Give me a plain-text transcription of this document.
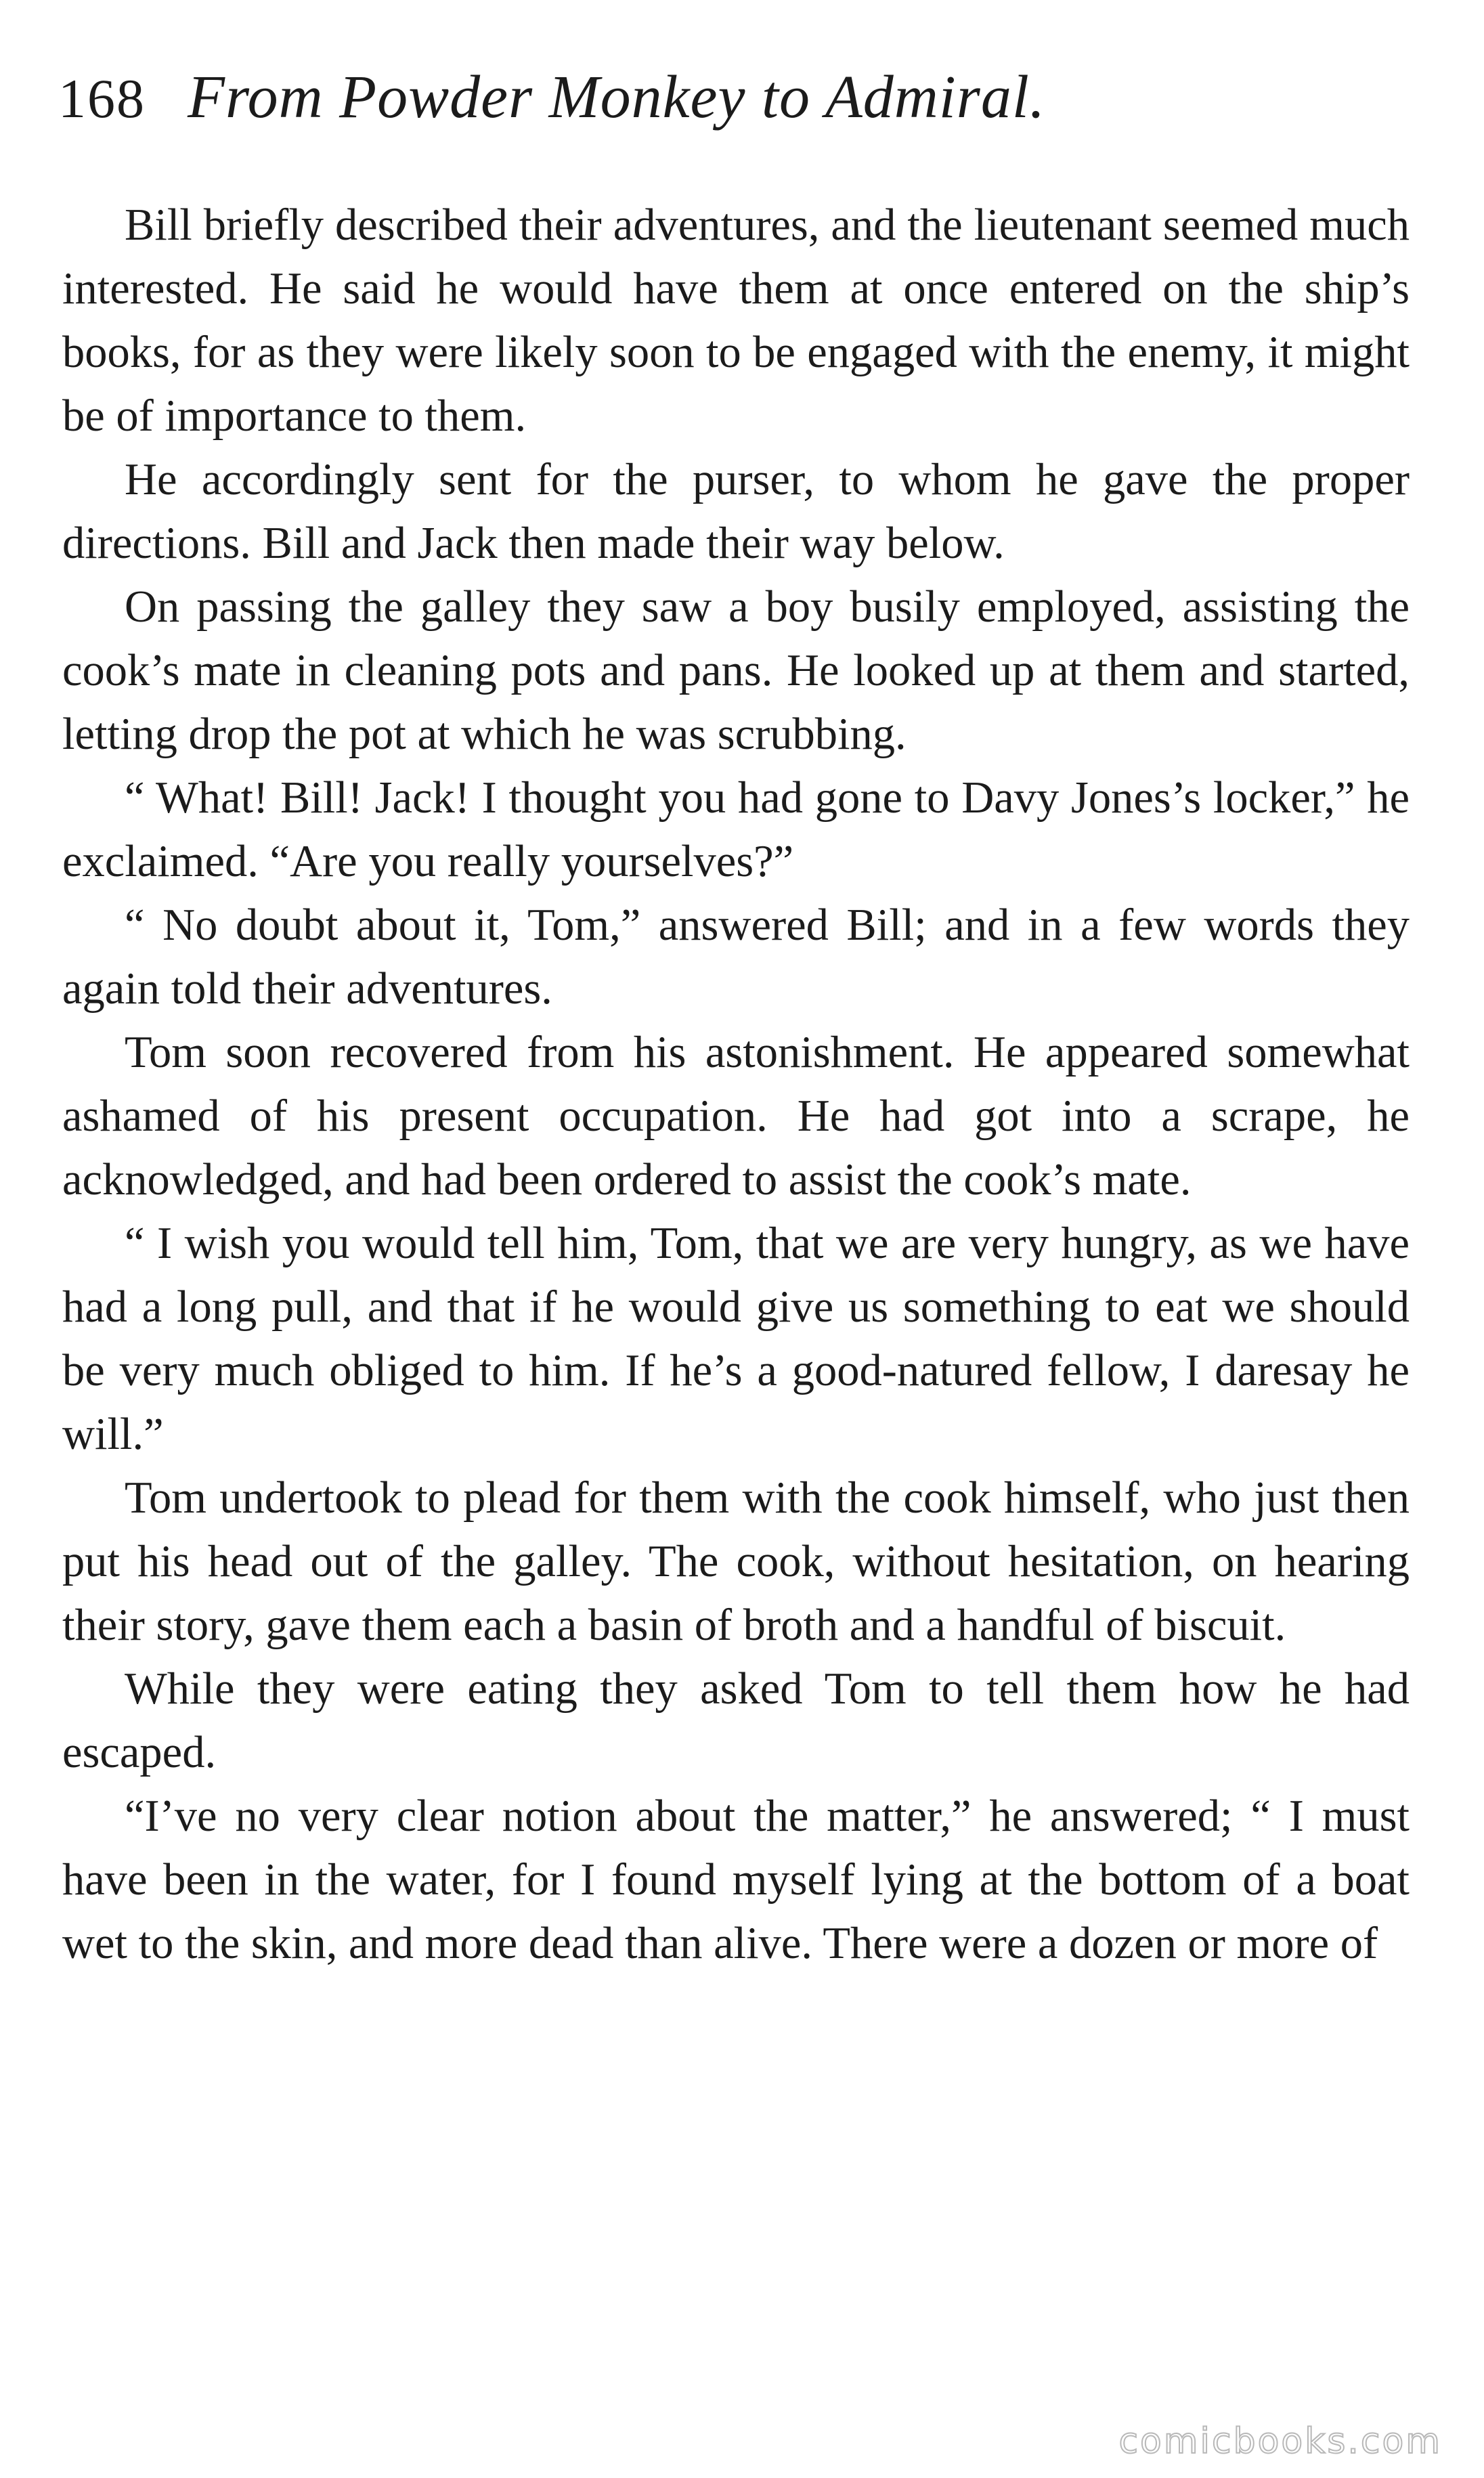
168 From Powder Monkey to Admiral.

Bill briefly described their adventures, and the lieutenant seemed much interested. He said he would have them at once entered on the ship’s books, for as they were likely soon to be engaged with the enemy, it might be of importance to them.

He accordingly sent for the purser, to whom he gave the proper directions. Bill and Jack then made their way below.

On passing the galley they saw a boy busily employed, assisting the cook’s mate in cleaning pots and pans. He looked up at them and started, letting drop the pot at which he was scrubbing.

“ What! Bill! Jack! I thought you had gone to Davy Jones’s locker,” he exclaimed. “Are you really yourselves?”

“ No doubt about it, Tom,” answered Bill; and in a few words they again told their adventures.

Tom soon recovered from his astonishment. He appeared somewhat ashamed of his present occupation. He had got into a scrape, he acknowledged, and had been ordered to assist the cook’s mate.

“ I wish you would tell him, Tom, that we are very hungry, as we have had a long pull, and that if he would give us something to eat we should be very much obliged to him. If he’s a good-natured fellow, I daresay he will.”

Tom undertook to plead for them with the cook himself, who just then put his head out of the galley. The cook, without hesitation, on hearing their story, gave them each a basin of broth and a handful of biscuit.

While they were eating they asked Tom to tell them how he had escaped.

“I’ve no very clear notion about the matter,” he answered; “ I must have been in the water, for I found myself lying at the bottom of a boat wet to the skin, and more dead than alive. There were a dozen or more of

comicbooks.com
